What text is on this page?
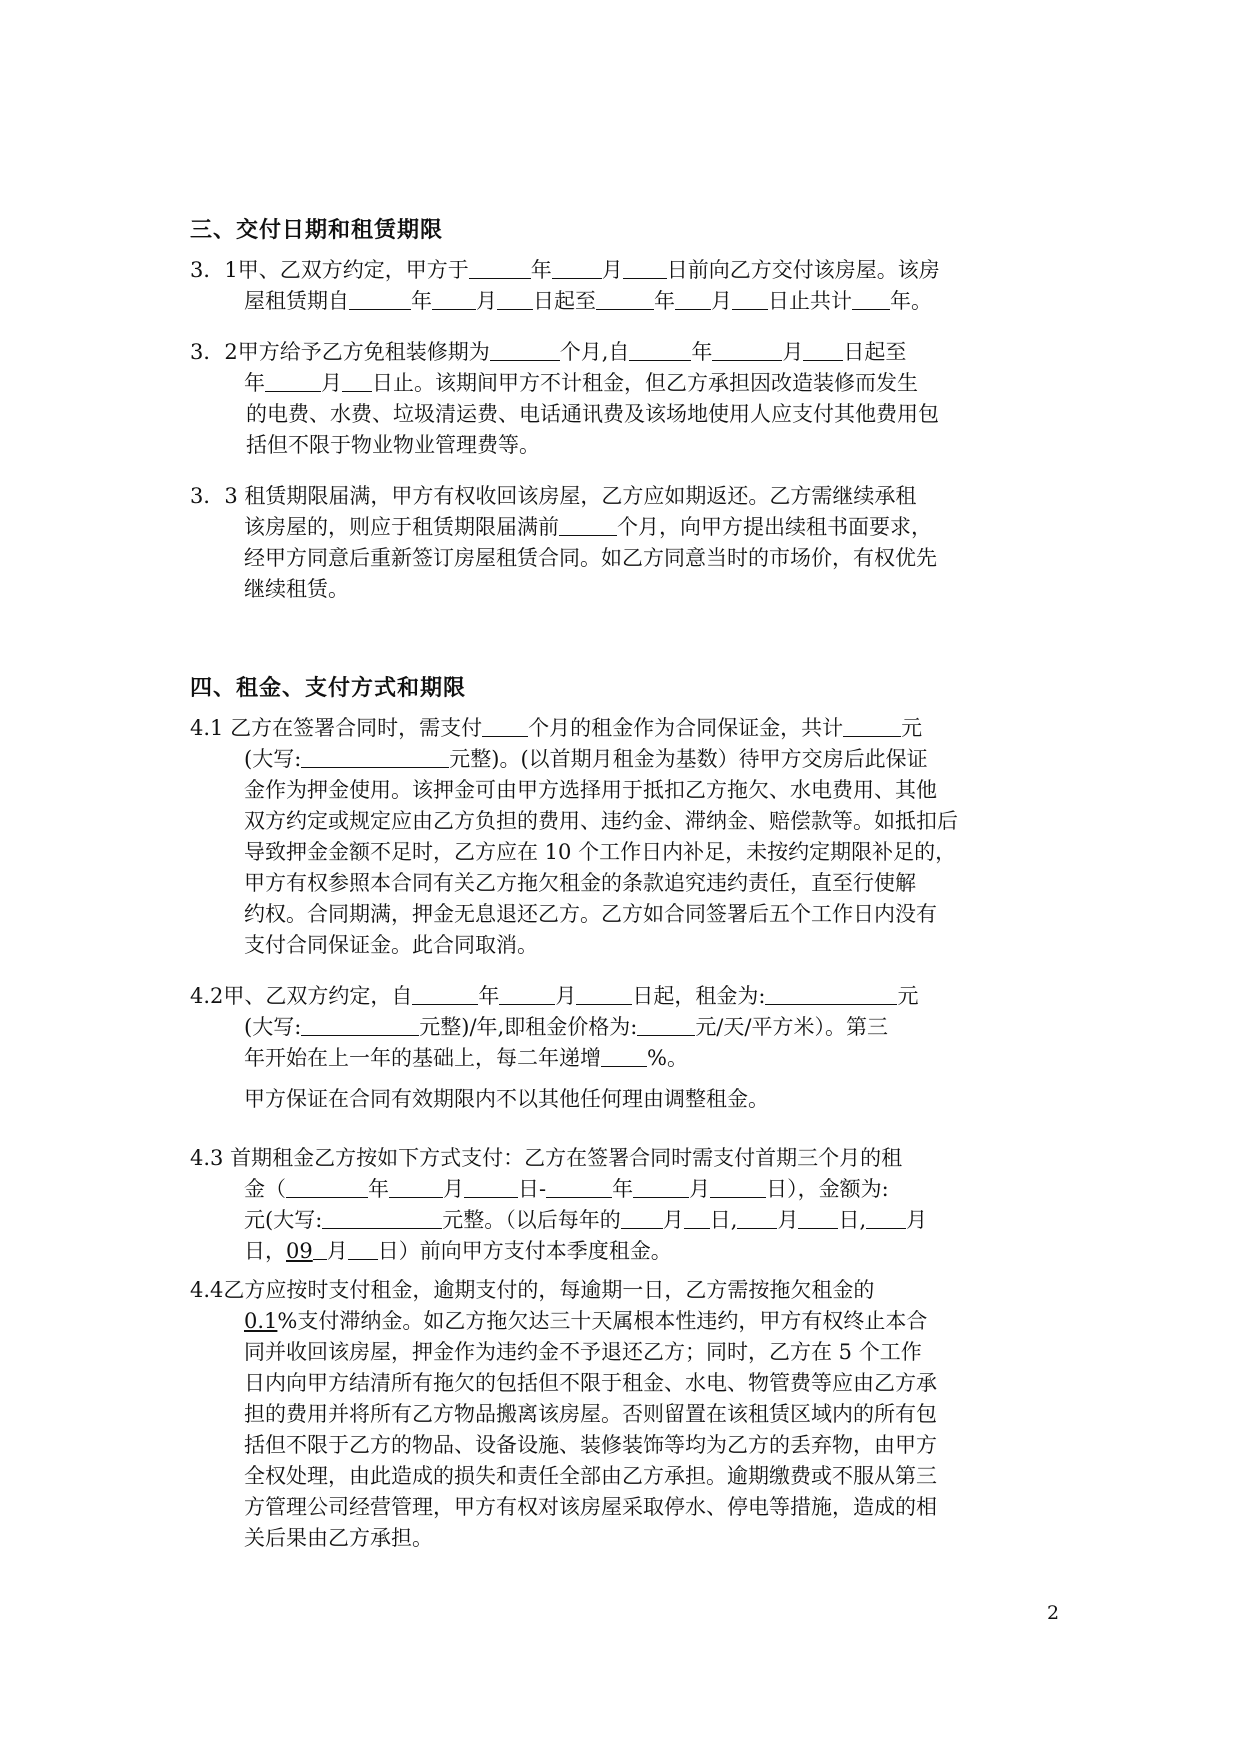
三、交付日期和租赁期限
3．1甲、乙双方约定，甲方于	年 月 日前向乙方交付该房屋。该房
屋租赁期自	年 月 日起至	年 月 日止共计 年。
3．2甲方给予乙方免租装修期为	个月,自	年	月 日起至
年	月 日止。该期间甲方不计租金，但乙方承担因改造装修而发生
的电费、水费、垃圾清运费、电话通讯费及该场地使用人应支付其他费用包
括但不限于物业物业管理费等。
3．3 租赁期限届满，甲方有权收回该房屋，乙方应如期返还。乙方需继续承租
该房屋的，则应于租赁期限届满前	个月，向甲方提出续租书面要求，
经甲方同意后重新签订房屋租赁合同。如乙方同意当时的市场价，有权优先
继续租赁。
四、租金、支付方式和期限
4.1 乙方在签署合同时，需支付 个月的租金作为合同保证金，共计	元
(大写:	元整)。(以首期月租金为基数）待甲方交房后此保证
金作为押金使用。该押金可由甲方选择用于抵扣乙方拖欠、水电费用、其他
双方约定或规定应由乙方负担的费用、违约金、滞纳金、赔偿款等。如抵扣后
导致押金金额不足时，乙方应在 10 个工作日内补足，未按约定期限补足的，
甲方有权参照本合同有关乙方拖欠租金的条款追究违约责任，直至行使解
约权。合同期满，押金无息退还乙方。乙方如合同签署后五个工作日内没有
支付合同保证金。此合同取消。
4.2甲、乙双方约定，自	年	月	日起，租金为:	元
(大写:	元整)/年,即租金价格为:	元/天/平方米）。第三
年开始在上一年的基础上，每二年递增 %。
甲方保证在合同有效期限内不以其他任何理由调整租金。
4.3 首期租金乙方按如下方式支付：乙方在签署合同时需支付首期三个月的租
金（	年	月	日-	年	月	日），金额为:
元(大写:	元整。（以后每年的 月 日, 月 日, 月
日，09 月 日）前向甲方支付本季度租金。
4.4乙方应按时支付租金，逾期支付的，每逾期一日，乙方需按拖欠租金的
0.1%支付滞纳金。如乙方拖欠达三十天属根本性违约，甲方有权终止本合
同并收回该房屋，押金作为违约金不予退还乙方；同时，乙方在 5 个工作
日内向甲方结清所有拖欠的包括但不限于租金、水电、物管费等应由乙方承
担的费用并将所有乙方物品搬离该房屋。否则留置在该租赁区域内的所有包
括但不限于乙方的物品、设备设施、装修装饰等均为乙方的丢弃物，由甲方
全权处理，由此造成的损失和责任全部由乙方承担。逾期缴费或不服从第三
方管理公司经营管理，甲方有权对该房屋采取停水、停电等措施，造成的相
关后果由乙方承担。
2
